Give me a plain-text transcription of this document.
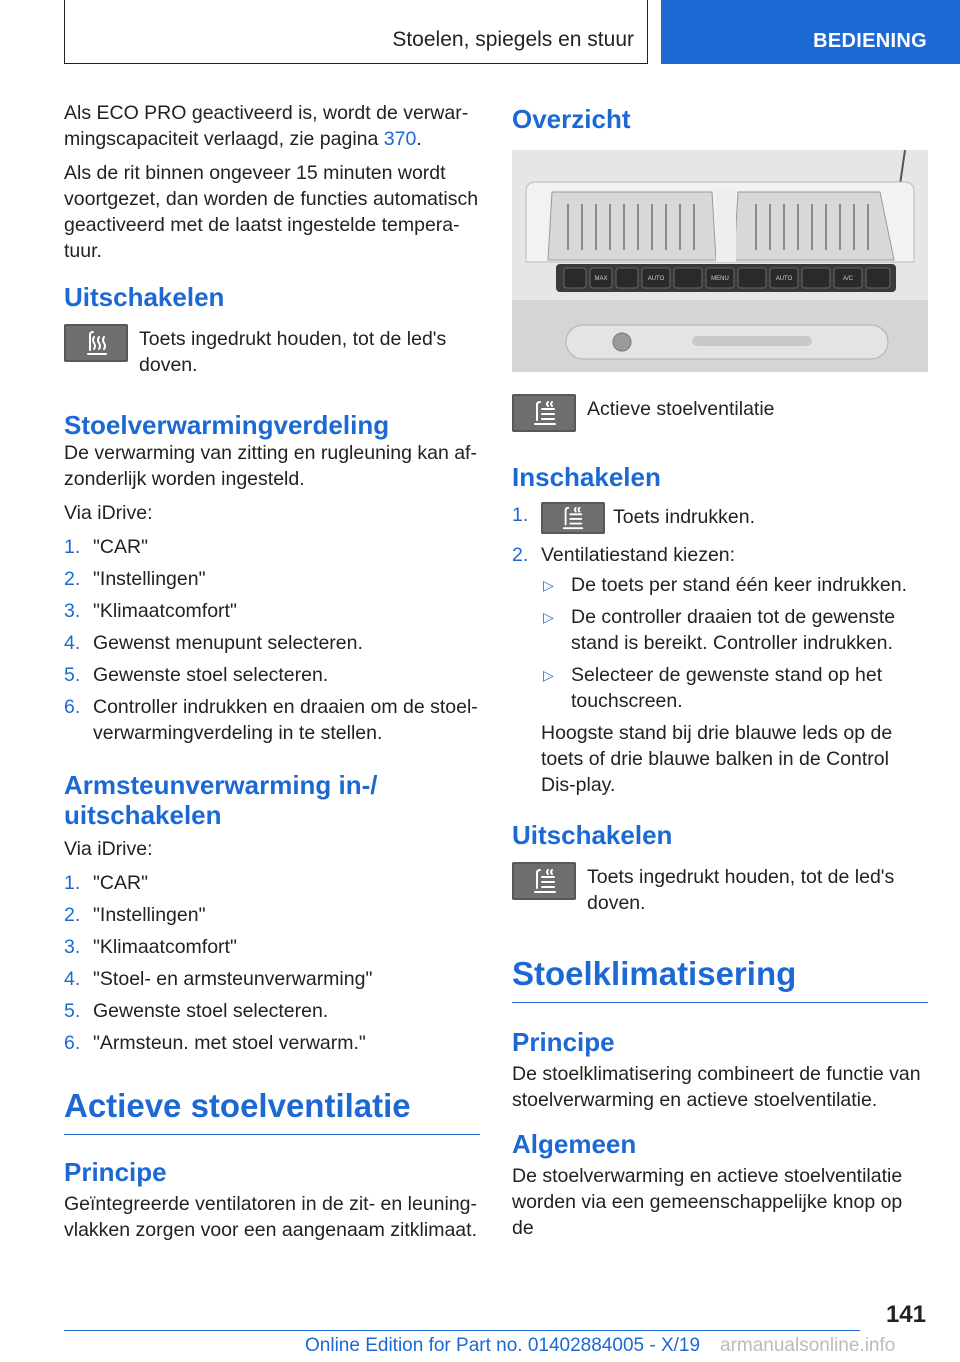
Stoelen, spiegels en stuur	BEDIENING

Als ECO PRO geactiveerd is, wordt de verwar-mingscapaciteit verlaagd, zie pagina 370.

Als de rit binnen ongeveer 15 minuten wordt voortgezet, dan worden de functies automatisch geactiveerd met de laatst ingestelde tempera-tuur.

Uitschakelen
Toets ingedrukt houden, tot de led's doven.
Stoelverwarmingverdeling

De verwarming van zitting en rugleuning kan af-zonderlijk worden ingesteld.

Via iDrive:

1. "CAR"
2. "Instellingen"
3. "Klimaatcomfort"
4. Gewenst menupunt selecteren.
5. Gewenste stoel selecteren.
6. Controller indrukken en draaien om de stoel-verwarmingverdeling in te stellen.
Armsteunverwarming in-/ uitschakelen

Via iDrive:

1. "CAR"
2. "Instellingen"
3. "Klimaatcomfort"
4. "Stoel- en armsteunverwarming"
5. Gewenste stoel selecteren.
6. "Armsteun. met stoel verwarm."
Actieve stoelventilatie
Principe

Geïntegreerde ventilatoren in de zit- en leuning-vlakken zorgen voor een aangenaam zitklimaat.

Overzicht
MAX	AUTO	MENU	AUTO	A/C
Actieve stoelventilatie
Inschakelen
1.	Toets indrukken.
2. Ventilatiestand kiezen:
▷ De toets per stand één keer indrukken.
▷ De controller draaien tot de gewenste stand is bereikt. Controller indrukken.
▷ Selecteer de gewenste stand op het touchscreen.

Hoogste stand bij drie blauwe leds op de toets of drie blauwe balken in de Control Dis-play.

Uitschakelen
Toets ingedrukt houden, tot de led's doven.
Stoelklimatisering
Principe

De stoelklimatisering combineert de functie van stoelverwarming en actieve stoelventilatie.

Algemeen

De stoelverwarming en actieve stoelventilatie worden via een gemeenschappelijke knop op de

141
Online Edition for Part no. 01402884005 - X/19 armanualsonline.info
